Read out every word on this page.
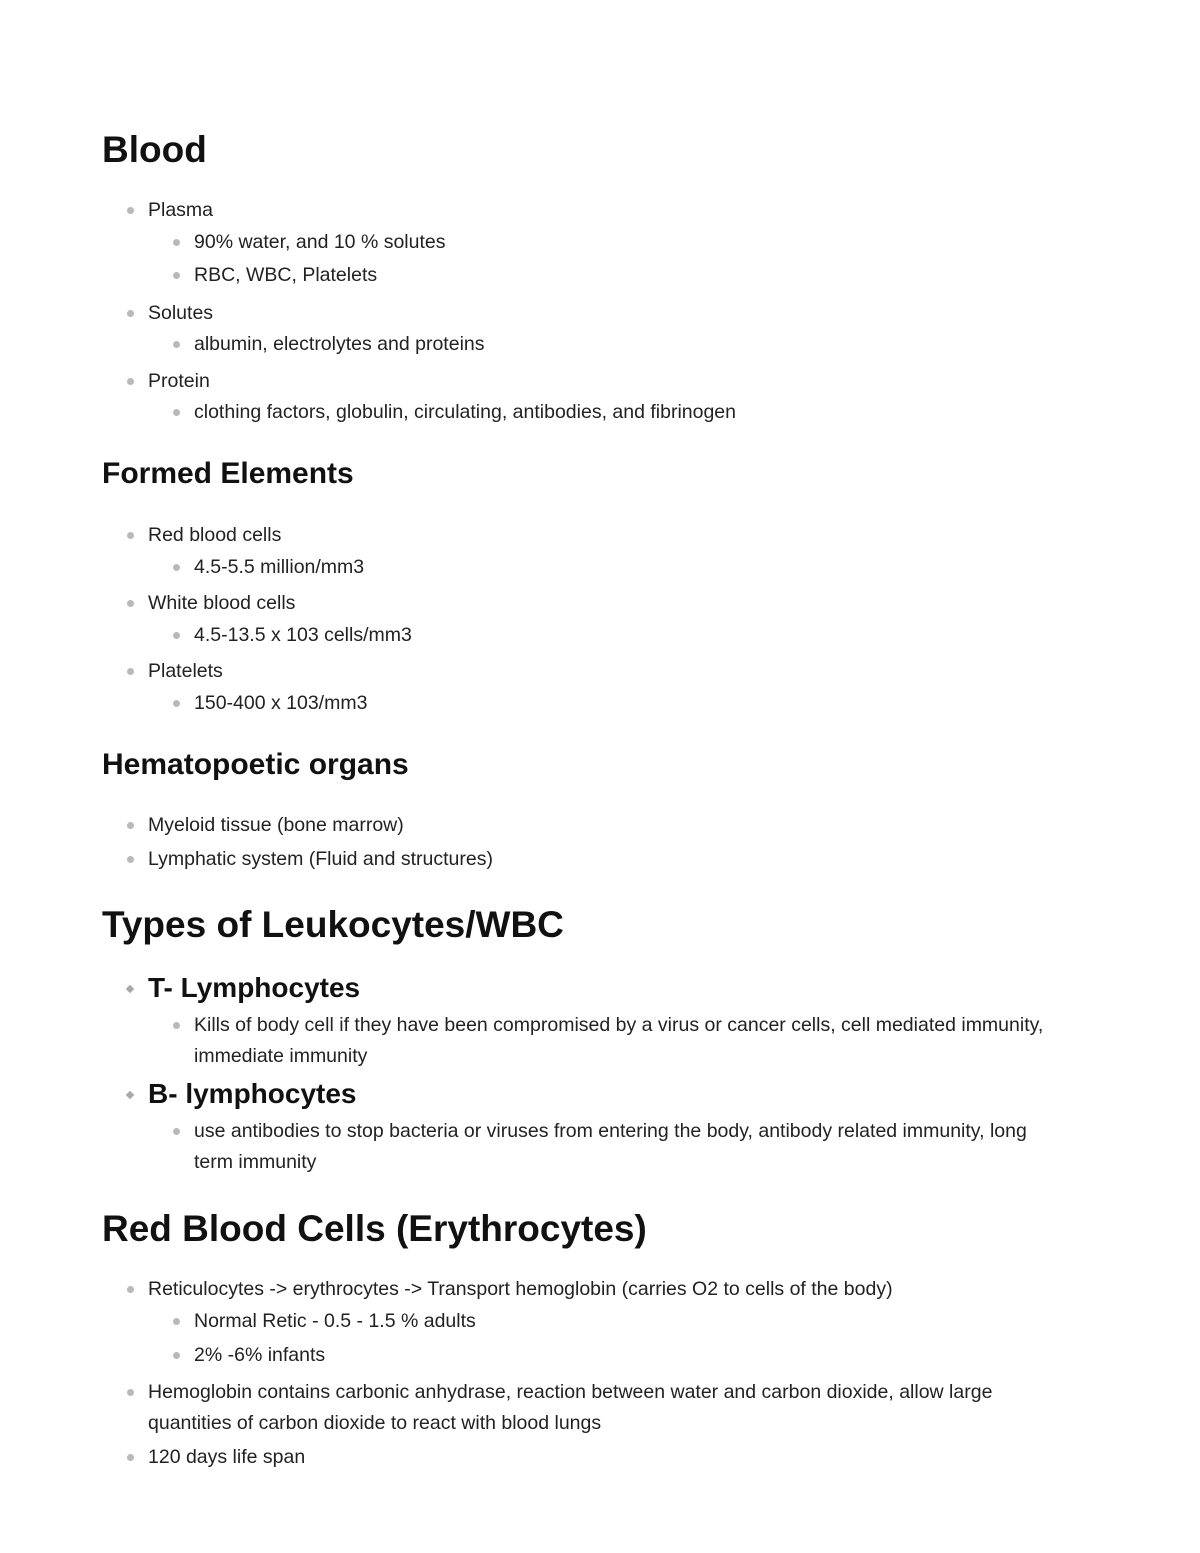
Blood
Plasma
90% water, and 10 % solutes
RBC, WBC, Platelets
Solutes
albumin, electrolytes and proteins
Protein
clothing factors, globulin, circulating, antibodies, and fibrinogen
Formed Elements
Red blood cells
4.5-5.5 million/mm3
White blood cells
4.5-13.5 x 103 cells/mm3
Platelets
150-400 x 103/mm3
Hematopoetic organs
Myeloid tissue (bone marrow)
Lymphatic system (Fluid and structures)
Types of Leukocytes/WBC
T- Lymphocytes
Kills of body cell if they have been compromised by a virus or cancer cells, cell mediated immunity,
immediate immunity
B- lymphocytes
use antibodies to stop bacteria or viruses from entering the body, antibody related immunity, long
term immunity
Red Blood Cells (Erythrocytes)
Reticulocytes -> erythrocytes -> Transport hemoglobin (carries O2 to cells of the body)
Normal Retic - 0.5 - 1.5 % adults
2% -6% infants
Hemoglobin contains carbonic anhydrase, reaction between water and carbon dioxide, allow large
quantities of carbon dioxide to react with blood lungs
120 days life span
